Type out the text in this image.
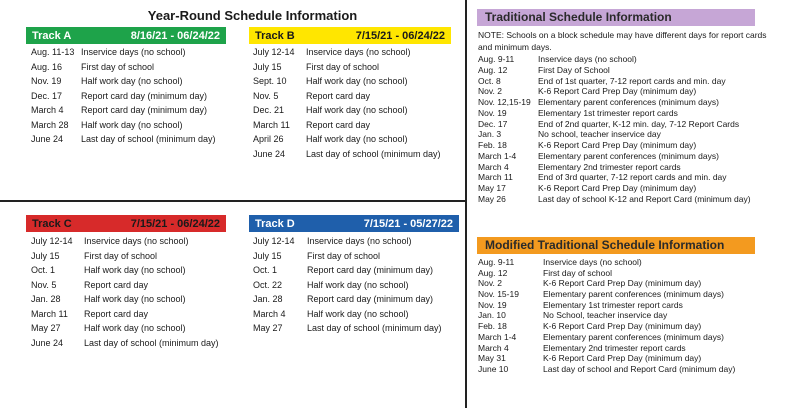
Year-Round Schedule Information
Track A	8/16/21 - 06/24/22
Aug. 11-13 Inservice days (no school)
Aug. 16	First day of school
Nov. 19	Half work day (no school)
Dec. 17	Report card day (minimum day)
March 4	Report card day (minimum day)
March 28	Half work day (no school)
June 24	Last day of school (minimum day)
Track B	7/15/21 - 06/24/22
July 12-14	Inservice days (no school)
July 15	First day of school
Sept. 10	Half work day (no school)
Nov. 5	Report card day
Dec. 21	Half work day (no school)
March 11	Report card day
April 26	Half work day (no school)
June 24	Last day of school (minimum day)
Track C	7/15/21 - 06/24/22
July 12-14	Inservice days (no school)
July 15	First day of school
Oct. 1	Half work day (no school)
Nov. 5	Report card day
Jan. 28	Half work day (no school)
March 11	Report card day
May 27	Half work day (no school)
June 24	Last day of school (minimum day)
Track D	7/15/21 - 05/27/22
July 12-14	Inservice days (no school)
July 15	First day of school
Oct. 1	Report card day (minimum day)
Oct. 22	Half work day (no school)
Jan. 28	Report card day (minimum day)
March 4	Half work day (no school)
May 27	Last day of school (minimum day)
Traditional Schedule Information
NOTE: Schools on a block schedule may have different days for report cards and minimum days.
Aug. 9-11	Inservice days (no school)
Aug. 12	First Day of School
Oct. 8	End of 1st quarter, 7-12 report cards and min. day
Nov. 2	K-6 Report Card Prep Day (minimum day)
Nov. 12,15-19 Elementary parent conferences (minimum days)
Nov. 19	Elementary 1st trimester report cards
Dec. 17	End of 2nd quarter, K-12 min. day, 7-12 Report Cards
Jan. 3	No school, teacher inservice day
Feb. 18	K-6 Report Card Prep Day (minimum day)
March 1-4	Elementary parent conferences (minimum days)
March 4	Elementary 2nd trimester report cards
March 11	End of 3rd quarter, 7-12 report cards and min. day
May 17	K-6 Report Card Prep Day (minimum day)
May 26	Last day of school K-12 and Report Card (minimum day)
Modified Traditional Schedule Information
Aug. 9-11	Inservice days (no school)
Aug. 12	First day of school
Nov. 2	K-6 Report Card Prep Day (minimum day)
Nov. 15-19	Elementary parent conferences (minimum days)
Nov. 19	Elementary 1st trimester report cards
Jan. 10	No School, teacher inservice day
Feb. 18	K-6 Report Card Prep Day (minimum day)
March 1-4	Elementary parent conferences (minimum days)
March 4	Elementary 2nd trimester report cards
May 31	K-6 Report Card Prep Day (minimum day)
June 10	Last day of school and Report Card (minimum day)
